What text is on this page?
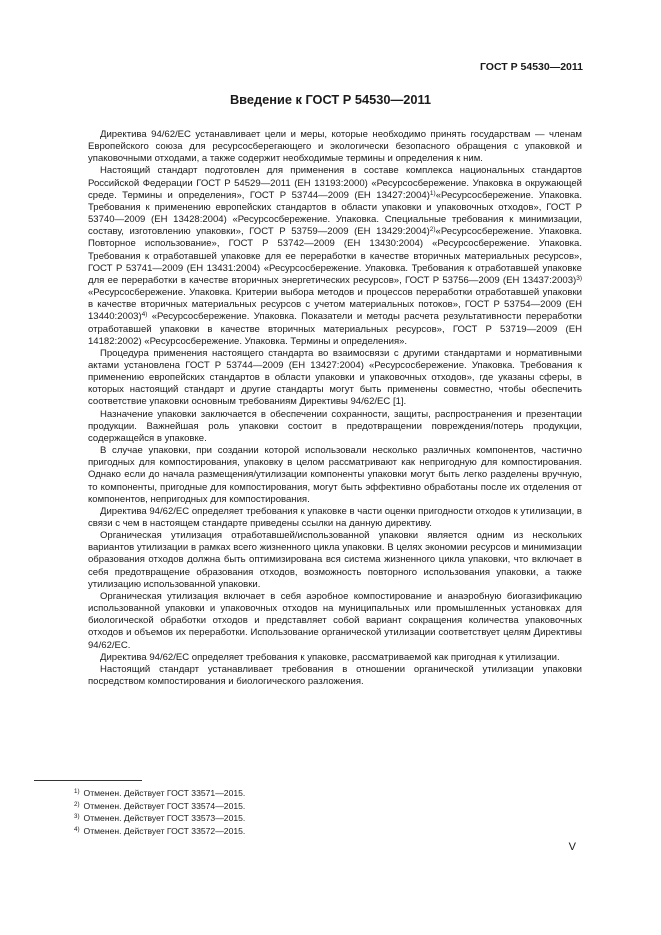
ГОСТ Р 54530—2011
Введение к ГОСТ Р 54530—2011

Директива 94/62/ЕС устанавливает цели и меры, которые необходимо принять государствам — членам Европейского союза для ресурсосберегающего и экологически безопасного обращения с упаковкой и упаковочными отходами, а также содержит необходимые термины и определения к ним.

Настоящий стандарт подготовлен для применения в составе комплекса национальных стандартов Российской Федерации ГОСТ Р 54529—2011 (ЕН 13193:2000) «Ресурсосбережение. Упаковка в окружающей среде. Термины и определения», ГОСТ Р 53744—2009 (ЕН 13427:2004)$^{1)}$«Ресурсосбережение. Упаковка. Требования к применению европейских стандартов в области упаковки и упаковочных отходов», ГОСТ Р 53740—2009 (ЕН 13428:2004) «Ресурсосбережение. Упаковка. Специальные требования к минимизации, составу, изготовлению упаковки», ГОСТ Р 53759—2009 (ЕН 13429:2004)$^{2)}$«Ресурсосбережение. Упаковка. Повторное использование», ГОСТ Р 53742—2009 (ЕН 13430:2004) «Ресурсосбережение. Упаковка. Требования к отработавшей упаковке для ее переработки в качестве вторичных материальных ресурсов», ГОСТ Р 53741—2009 (ЕН 13431:2004) «Ресурсосбережение. Упаковка. Требования к отработавшей упаковке для ее переработки в качестве вторичных энергетических ресурсов», ГОСТ Р 53756—2009 (ЕН 13437:2003)$^{3)}$ «Ресурсосбережение. Упаковка. Критерии выбора методов и процессов переработки отработавшей упаковки в качестве вторичных материальных ресурсов с учетом материальных потоков», ГОСТ Р 53754—2009 (ЕН 13440:2003)$^{4)}$ «Ресурсосбережение. Упаковка. Показатели и методы расчета результативности переработки отработавшей упаковки в качестве вторичных материальных ресурсов», ГОСТ Р 53719—2009 (ЕН 14182:2002) «Ресурсосбережение. Упаковка. Термины и определения».

Процедура применения настоящего стандарта во взаимосвязи с другими стандартами и нормативными актами установлена ГОСТ Р 53744—2009 (ЕН 13427:2004) «Ресурсосбережение. Упаковка. Требования к применению европейских стандартов в области упаковки и упаковочных отходов», где указаны сферы, в которых настоящий стандарт и другие стандарты могут быть применены совместно, чтобы обеспечить соответствие упаковки основным требованиям Директивы 94/62/ЕС [1].

Назначение упаковки заключается в обеспечении сохранности, защиты, распространения и презентации продукции. Важнейшая роль упаковки состоит в предотвращении повреждения/потерь продукции, содержащейся в упаковке.

В случае упаковки, при создании которой использовали несколько различных компонентов, частично пригодных для компостирования, упаковку в целом рассматривают как непригодную для компостирования. Однако если до начала размещения/утилизации компоненты упаковки могут быть легко разделены вручную, то компоненты, пригодные для компостирования, могут быть эффективно обработаны после их отделения от компонентов, непригодных для компостирования.

Директива 94/62/ЕС определяет требования к упаковке в части оценки пригодности отходов к утилизации, в связи с чем в настоящем стандарте приведены ссылки на данную директиву.

Органическая утилизация отработавшей/использованной упаковки является одним из нескольких вариантов утилизации в рамках всего жизненного цикла упаковки. В целях экономии ресурсов и минимизации образования отходов должна быть оптимизирована вся система жизненного цикла упаковки, что включает в себя предотвращение образования отходов, возможность повторного использования упаковки, а также утилизацию использованной упаковки.

Органическая утилизация включает в себя аэробное компостирование и анаэробную биогазификацию использованной упаковки и упаковочных отходов на муниципальных или промышленных установках для биологической обработки отходов и представляет собой вариант сокращения количества упаковочных отходов и объемов их переработки. Использование органической утилизации соответствует целям Директивы 94/62/ЕС.

Директива 94/62/ЕС определяет требования к упаковке, рассматриваемой как пригодная к утилизации.

Настоящий стандарт устанавливает требования в отношении органической утилизации упаковки посредством компостирования и биологического разложения.

$^{1)}$ Отменен. Действует ГОСТ 33571—2015.
$^{2)}$ Отменен. Действует ГОСТ 33574—2015.
$^{3)}$ Отменен. Действует ГОСТ 33573—2015.
$^{4)}$ Отменен. Действует ГОСТ 33572—2015.
V
